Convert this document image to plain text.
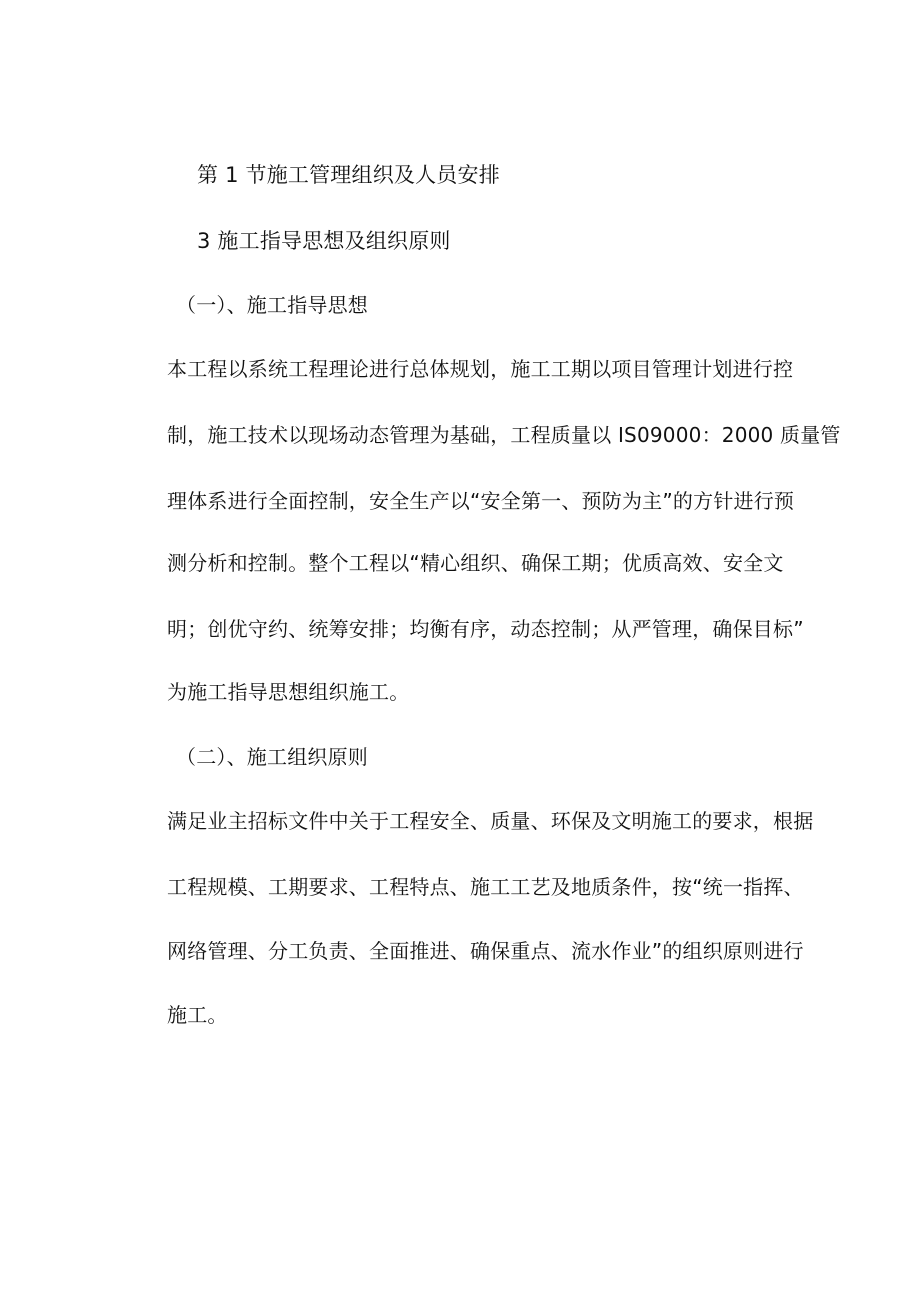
第 1 节施工管理组织及人员安排
3 施工指导思想及组织原则
（一）、施工指导思想
本工程以系统工程理论进行总体规划，施工工期以项目管理计划进行控
制，施工技术以现场动态管理为基础，工程质量以 IS09000：2000 质量管
理体系进行全面控制，安全生产以“安全第一、预防为主”的方针进行预
测分析和控制。整个工程以“精心组织、确保工期；优质高效、安全文
明；创优守约、统筹安排；均衡有序，动态控制；从严管理，确保目标”
为施工指导思想组织施工。
（二）、施工组织原则
满足业主招标文件中关于工程安全、质量、环保及文明施工的要求，根据
工程规模、工期要求、工程特点、施工工艺及地质条件，按“统一指挥、
网络管理、分工负责、全面推进、确保重点、流水作业”的组织原则进行
施工。
